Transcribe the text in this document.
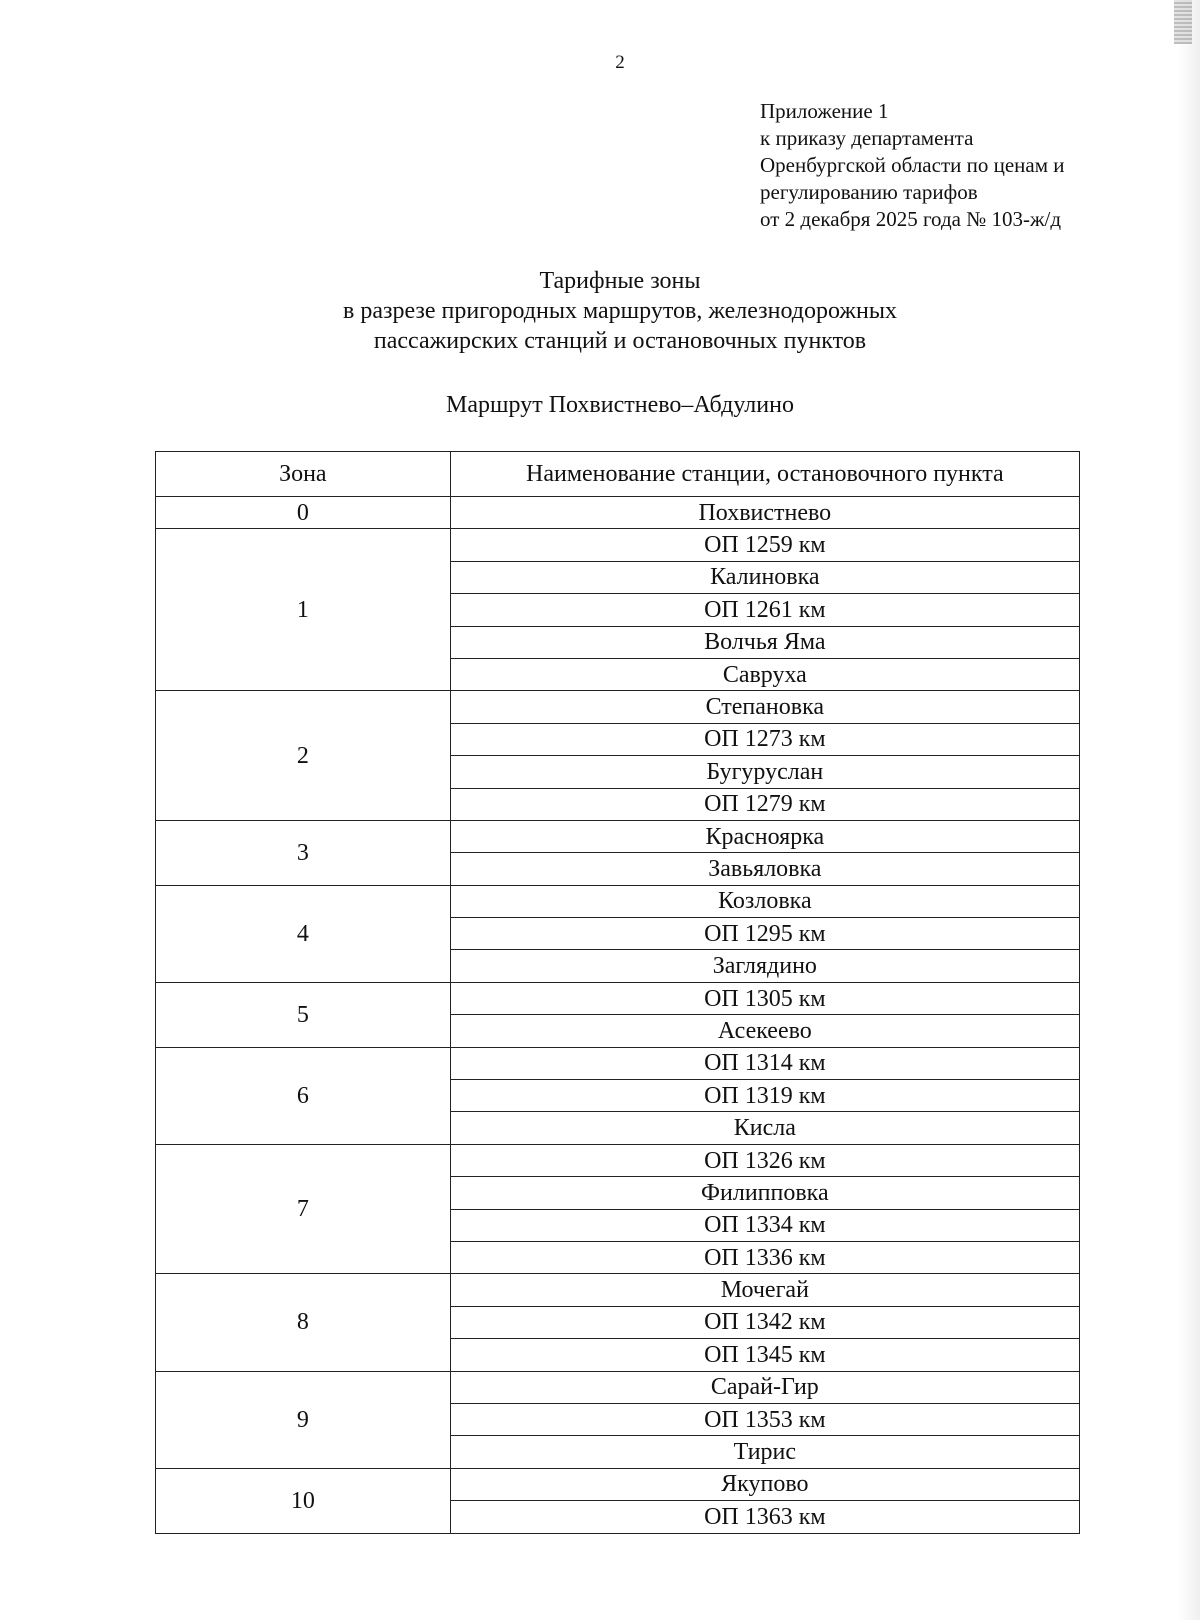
2
Приложение 1
к приказу департамента
Оренбургской области по ценам и
регулированию тарифов
от 2 декабря 2025 года № 103-ж/д
Тарифные зоны
в разрезе пригородных маршрутов, железнодорожных
пассажирских станций и остановочных пунктов
Маршрут Похвистнево–Абдулино
Зона	Наименование станции, остановочного пункта
0	Похвистнево
1	ОП 1259 км
	Калиновка
	ОП 1261 км
	Волчья Яма
	Савруха
2	Степановка
	ОП 1273 км
	Бугуруслан
	ОП 1279 км
3	Красноярка
	Завьяловка
4	Козловка
	ОП 1295 км
	Заглядино
5	ОП 1305 км
	Асекеево
6	ОП 1314 км
	ОП 1319 км
	Кисла
7	ОП 1326 км
	Филипповка
	ОП 1334 км
	ОП 1336 км
8	Мочегай
	ОП 1342 км
	ОП 1345 км
9	Сарай-Гир
	ОП 1353 км
	Тирис
10	Якупово
	ОП 1363 км
